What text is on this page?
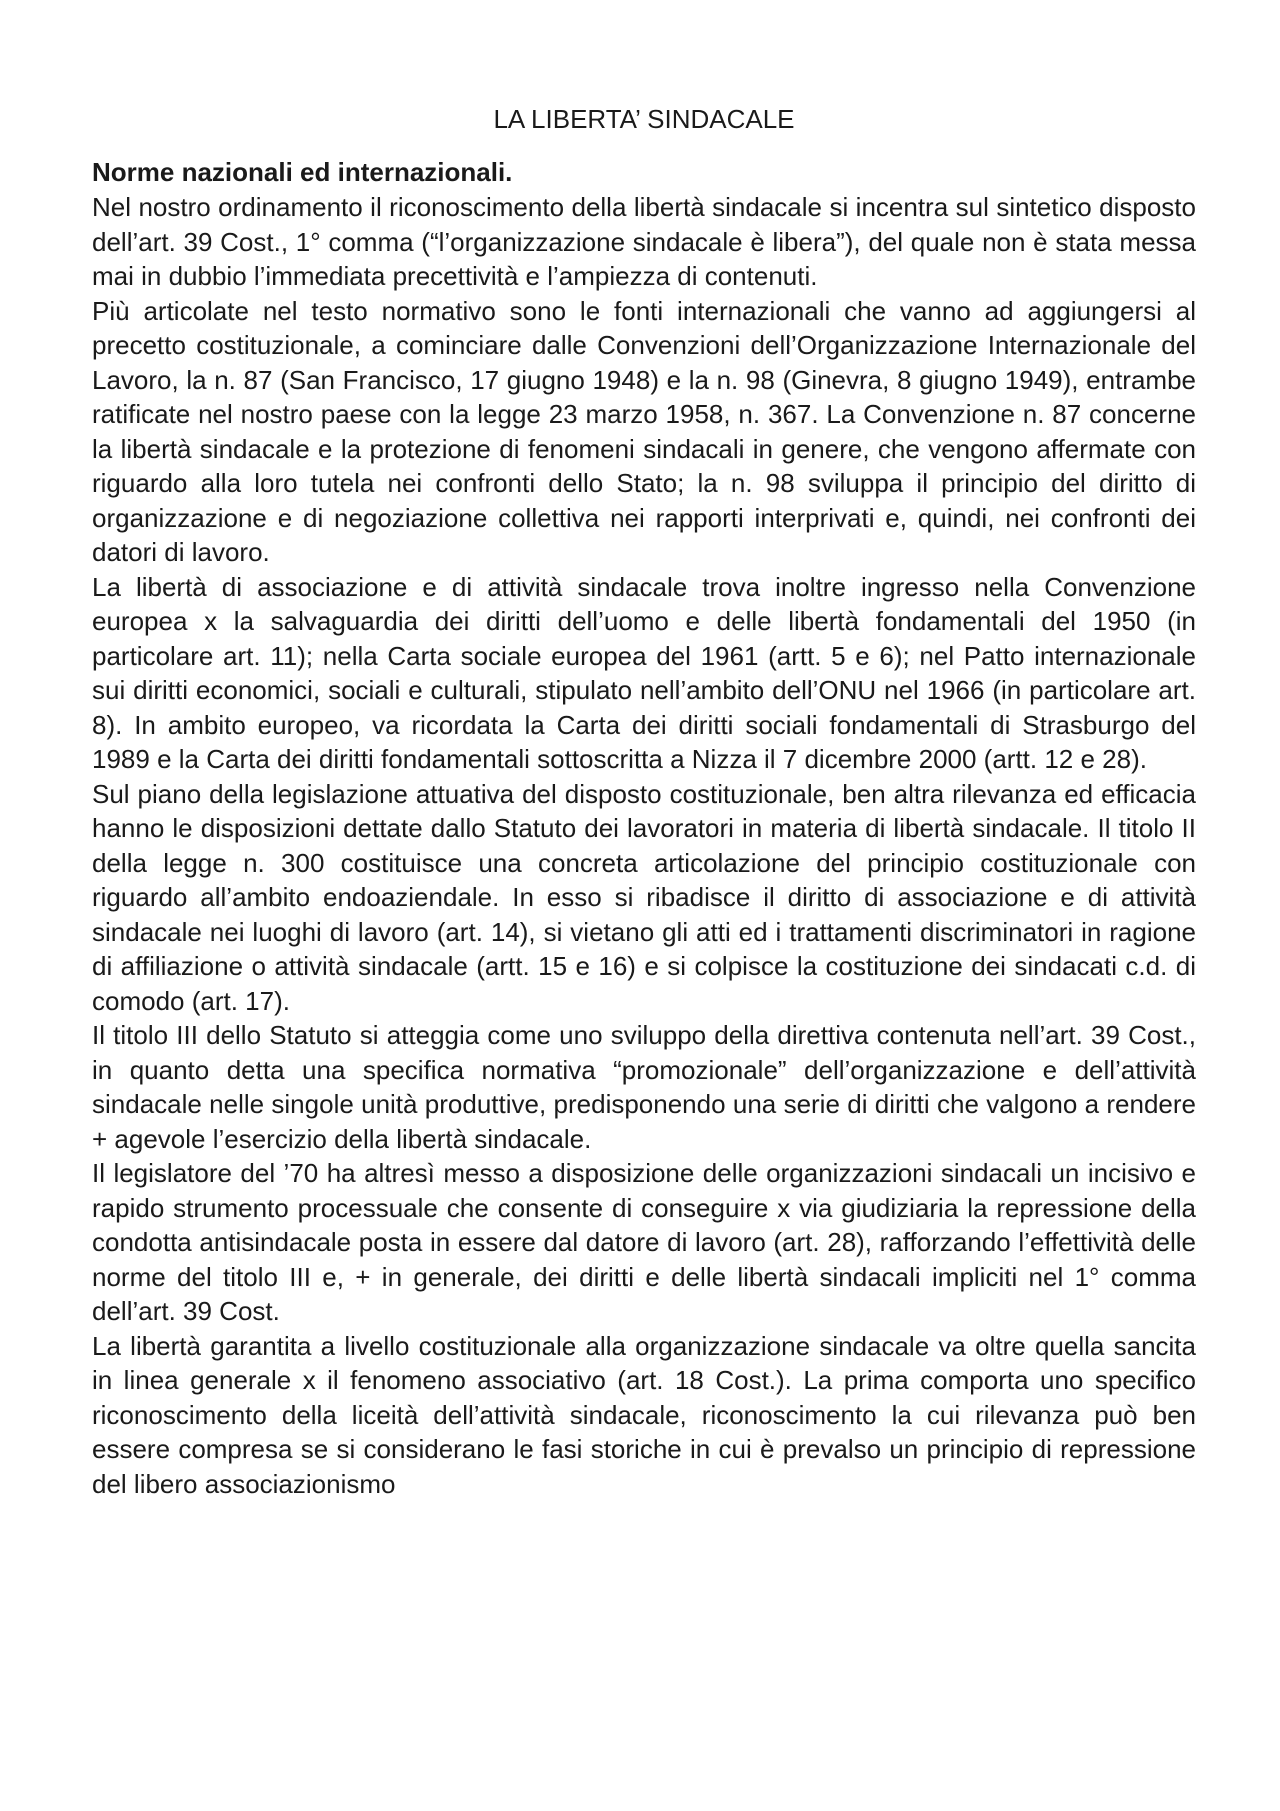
LA LIBERTA’ SINDACALE
Norme nazionali ed internazionali.

Nel nostro ordinamento il riconoscimento della libertà sindacale si incentra sul sintetico disposto dell’art. 39 Cost., 1° comma (“l’organizzazione sindacale è libera”), del quale non è stata messa mai in dubbio l’immediata precettività e l’ampiezza di contenuti.

Più articolate nel testo normativo sono le fonti internazionali che vanno ad aggiungersi al precetto costituzionale, a cominciare dalle Convenzioni dell’Organizzazione Internazionale del Lavoro, la n. 87 (San Francisco, 17 giugno 1948) e la n. 98 (Ginevra, 8 giugno 1949), entrambe ratificate nel nostro paese con la legge 23 marzo 1958, n. 367. La Convenzione n. 87 concerne la libertà sindacale e la protezione di fenomeni sindacali in genere, che vengono affermate con riguardo alla loro tutela nei confronti dello Stato; la n. 98 sviluppa il principio del diritto di organizzazione e di negoziazione collettiva nei rapporti interprivati e, quindi, nei confronti dei datori di lavoro.

La libertà di associazione e di attività sindacale trova inoltre ingresso nella Convenzione europea x la salvaguardia dei diritti dell’uomo e delle libertà fondamentali del 1950 (in particolare art. 11); nella Carta sociale europea del 1961 (artt. 5 e 6); nel Patto internazionale sui diritti economici, sociali e culturali, stipulato nell’ambito dell’ONU nel 1966 (in particolare art. 8). In ambito europeo, va ricordata la Carta dei diritti sociali fondamentali di Strasburgo del 1989 e la Carta dei diritti fondamentali sottoscritta a Nizza il 7 dicembre 2000 (artt. 12 e 28).

Sul piano della legislazione attuativa del disposto costituzionale, ben altra rilevanza ed efficacia hanno le disposizioni dettate dallo Statuto dei lavoratori in materia di libertà sindacale. Il titolo II della legge n. 300 costituisce una concreta articolazione del principio costituzionale con riguardo all’ambito endoaziendale. In esso si ribadisce il diritto di associazione e di attività sindacale nei luoghi di lavoro (art. 14), si vietano gli atti ed i trattamenti discriminatori in ragione di affiliazione o attività sindacale (artt. 15 e 16) e si colpisce la costituzione dei sindacati c.d. di comodo (art. 17).

Il titolo III dello Statuto si atteggia come uno sviluppo della direttiva contenuta nell’art. 39 Cost., in quanto detta una specifica normativa “promozionale” dell’organizzazione e dell’attività sindacale nelle singole unità produttive, predisponendo una serie di diritti che valgono a rendere + agevole l’esercizio della libertà sindacale.

Il legislatore del ’70 ha altresì messo a disposizione delle organizzazioni sindacali un incisivo e rapido strumento processuale che consente di conseguire x via giudiziaria la repressione della condotta antisindacale posta in essere dal datore di lavoro (art. 28), rafforzando l’effettività delle norme del titolo III e, + in generale, dei diritti e delle libertà sindacali impliciti nel 1° comma dell’art. 39 Cost.

La libertà garantita a livello costituzionale alla organizzazione sindacale va oltre quella sancita in linea generale x il fenomeno associativo (art. 18 Cost.). La prima comporta uno specifico riconoscimento della liceità dell’attività sindacale, riconoscimento la cui rilevanza può ben essere compresa se si considerano le fasi storiche in cui è prevalso un principio di repressione del libero associazionismo
